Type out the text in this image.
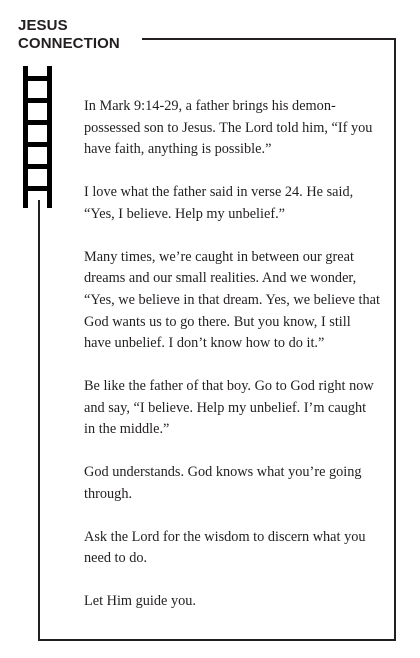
JESUS
CONNECTION

In Mark 9:14-29, a father brings his demon-possessed son to Jesus. The Lord told him, “If you have faith, anything is possible.”

I love what the father said in verse 24. He said, “Yes, I believe. Help my unbelief.”

Many times, we’re caught in between our great dreams and our small realities. And we wonder, “Yes, we believe in that dream. Yes, we believe that God wants us to go there. But you know, I still have unbelief. I don’t know how to do it.”

Be like the father of that boy. Go to God right now and say, “I believe. Help my unbelief. I’m caught in the middle.”

God understands. God knows what you’re going through.

Ask the Lord for the wisdom to discern what you need to do.

Let Him guide you.
